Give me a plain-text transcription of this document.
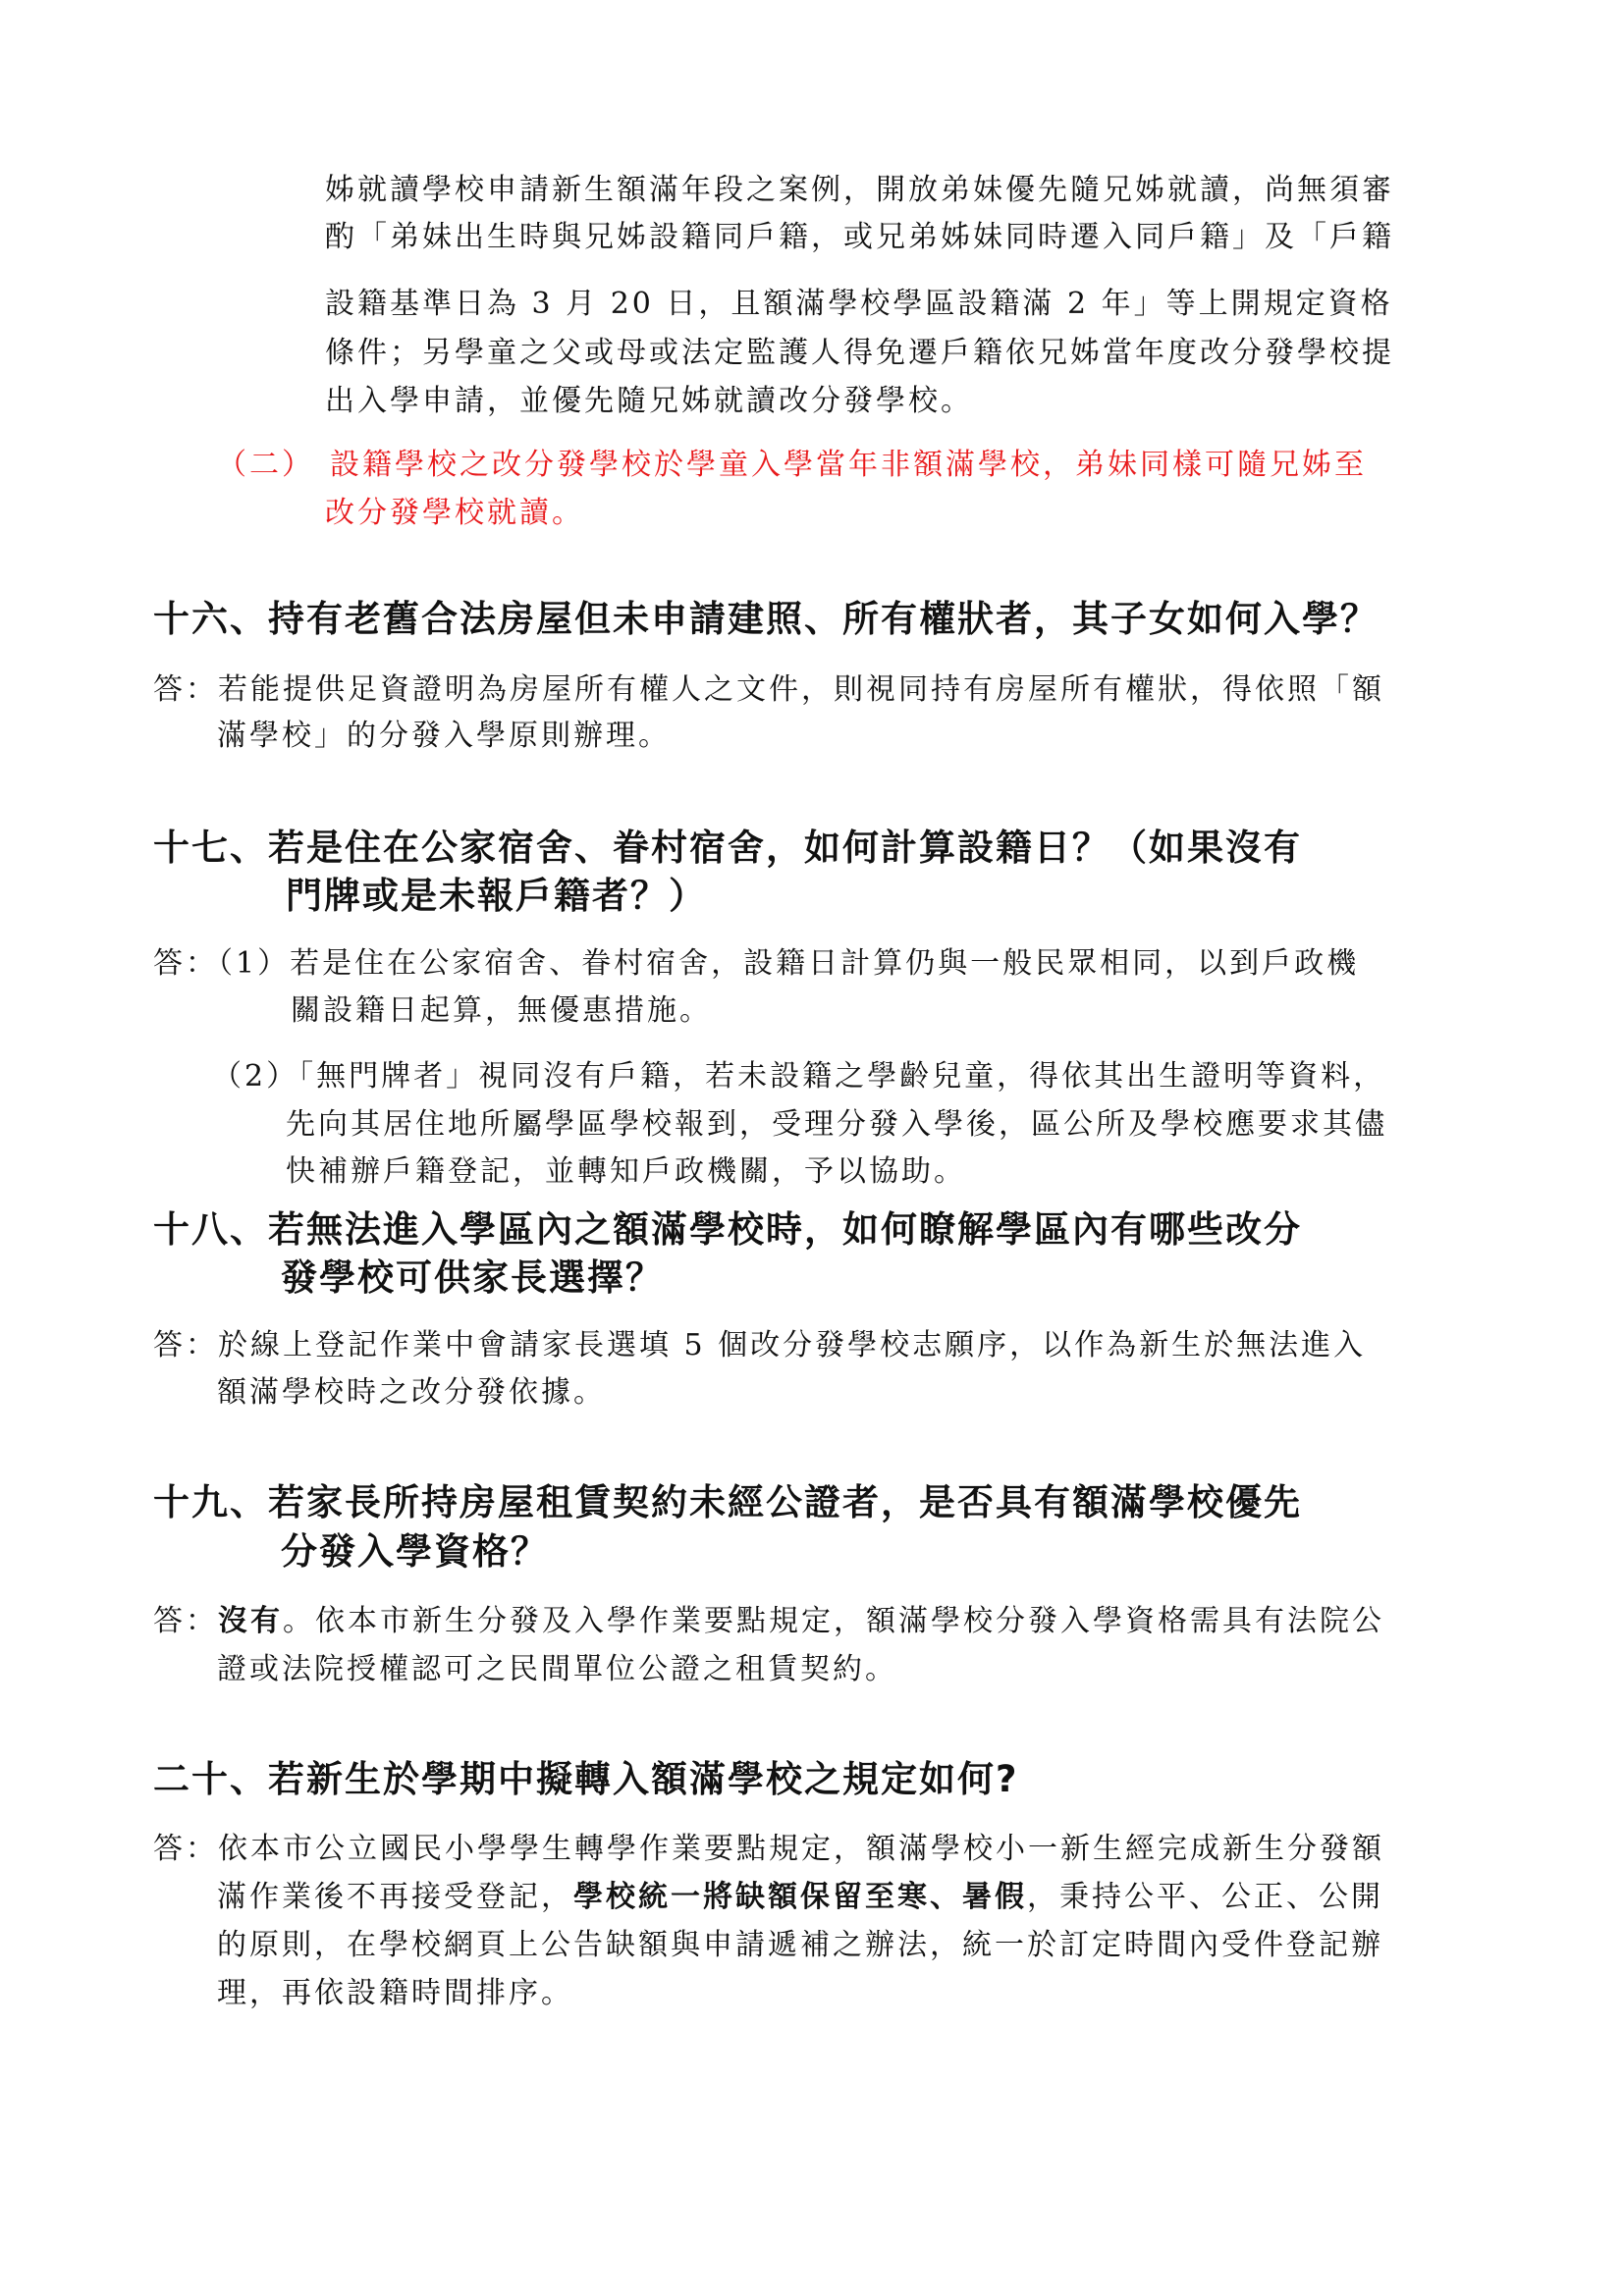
姊就讀學校申請新生額滿年段之案例，開放弟妹優先隨兄姊就讀，尚無須審
酌「弟妹出生時與兄姊設籍同戶籍，或兄弟姊妹同時遷入同戶籍」及「戶籍
設籍基準日為 3 月 20 日，且額滿學校學區設籍滿 2 年」等上開規定資格
條件；另學童之父或母或法定監護人得免遷戶籍依兄姊當年度改分發學校提
出入學申請，並優先隨兄姊就讀改分發學校。
（二） 設籍學校之改分發學校於學童入學當年非額滿學校，弟妹同樣可隨兄姊至
改分發學校就讀。
十六、持有老舊合法房屋但未申請建照、所有權狀者，其子女如何入學？
答：若能提供足資證明為房屋所有權人之文件，則視同持有房屋所有權狀，得依照「額
滿學校」的分發入學原則辦理。
十七、若是住在公家宿舍、眷村宿舍，如何計算設籍日？（如果沒有
門牌或是未報戶籍者？）
答：（1）若是住在公家宿舍、眷村宿舍，設籍日計算仍與一般民眾相同，以到戶政機
關設籍日起算，無優惠措施。
（2）「無門牌者」視同沒有戶籍，若未設籍之學齡兒童，得依其出生證明等資料，
先向其居住地所屬學區學校報到，受理分發入學後，區公所及學校應要求其儘
快補辦戶籍登記，並轉知戶政機關，予以協助。
十八、若無法進入學區內之額滿學校時，如何瞭解學區內有哪些改分
發學校可供家長選擇？
答：於線上登記作業中會請家長選填 5 個改分發學校志願序，以作為新生於無法進入
額滿學校時之改分發依據。
十九、若家長所持房屋租賃契約未經公證者，是否具有額滿學校優先
分發入學資格？
答：沒有。依本市新生分發及入學作業要點規定，額滿學校分發入學資格需具有法院公
證或法院授權認可之民間單位公證之租賃契約。
二十、若新生於學期中擬轉入額滿學校之規定如何?
答：依本市公立國民小學學生轉學作業要點規定，額滿學校小一新生經完成新生分發額
滿作業後不再接受登記，學校統一將缺額保留至寒、暑假，秉持公平、公正、公開
的原則，在學校網頁上公告缺額與申請遞補之辦法，統一於訂定時間內受件登記辦
理，再依設籍時間排序。
